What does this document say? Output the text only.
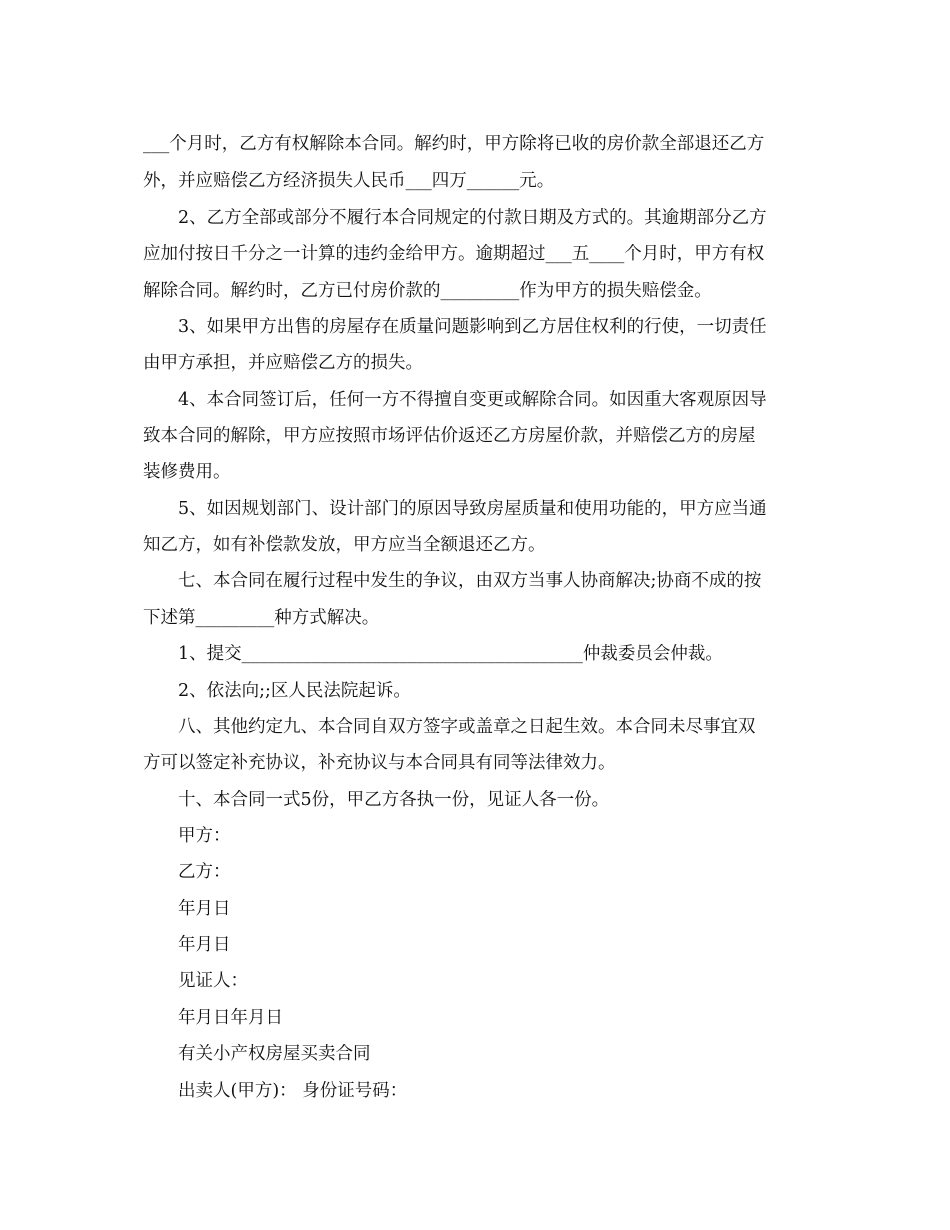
___个月时，乙方有权解除本合同。解约时，甲方除将已收的房价款全部退还乙方

外，并应赔偿乙方经济损失人民币___四万______元。

2、乙方全部或部分不履行本合同规定的付款日期及方式的。其逾期部分乙方

应加付按日千分之一计算的违约金给甲方。逾期超过___五____个月时，甲方有权

解除合同。解约时，乙方已付房价款的_________作为甲方的损失赔偿金。

3、如果甲方出售的房屋存在质量问题影响到乙方居住权利的行使，一切责任

由甲方承担，并应赔偿乙方的损失。

4、本合同签订后，任何一方不得擅自变更或解除合同。如因重大客观原因导

致本合同的解除，甲方应按照市场评估价返还乙方房屋价款，并赔偿乙方的房屋

装修费用。

5、如因规划部门、设计部门的原因导致房屋质量和使用功能的，甲方应当通

知乙方，如有补偿款发放，甲方应当全额退还乙方。

七、本合同在履行过程中发生的争议，由双方当事人协商解决;协商不成的按

下述第_________种方式解决。

1、提交_______________________________________仲裁委员会仲裁。

2、依法向;;区人民法院起诉。

八、其他约定九、本合同自双方签字或盖章之日起生效。本合同未尽事宜双

方可以签定补充协议，补充协议与本合同具有同等法律效力。

十、本合同一式5份，甲乙方各执一份，见证人各一份。

甲方：

乙方：

年月日

年月日

见证人：

年月日年月日

有关小产权房屋买卖合同

出卖人(甲方)： 身份证号码：
